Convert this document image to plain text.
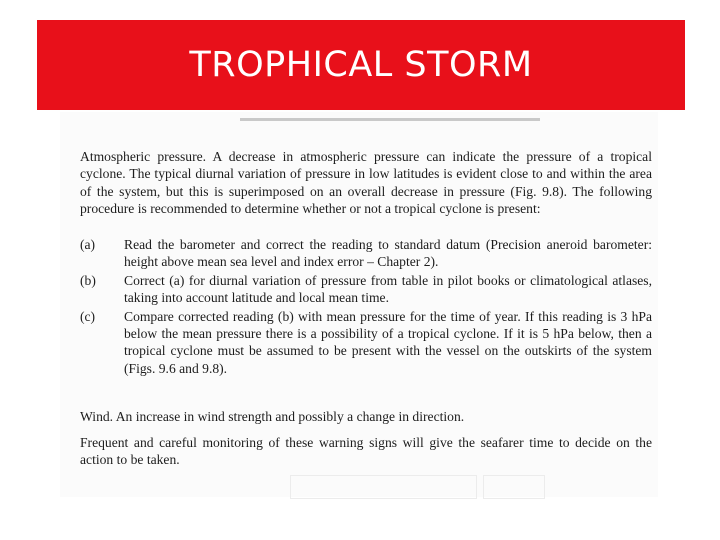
TROPHICAL STORM
Atmospheric pressure. A decrease in atmospheric pressure can indicate the pressure of a tropical cyclone. The typical diurnal variation of pressure in low latitudes is evident close to and within the area of the system, but this is superimposed on an overall decrease in pressure (Fig. 9.8). The following procedure is recommended to determine whether or not a tropical cyclone is present:
(a)	Read the barometer and correct the reading to standard datum (Precision aneroid barometer: height above mean sea level and index error – Chapter 2).
(b)	Correct (a) for diurnal variation of pressure from table in pilot books or climatological atlases, taking into account latitude and local mean time.
(c)	Compare corrected reading (b) with mean pressure for the time of year. If this reading is 3 hPa below the mean pressure there is a possibility of a tropical cyclone. If it is 5 hPa below, then a tropical cyclone must be assumed to be present with the vessel on the outskirts of the system (Figs. 9.6 and 9.8).
Wind. An increase in wind strength and possibly a change in direction.
Frequent and careful monitoring of these warning signs will give the seafarer time to decide on the action to be taken.
